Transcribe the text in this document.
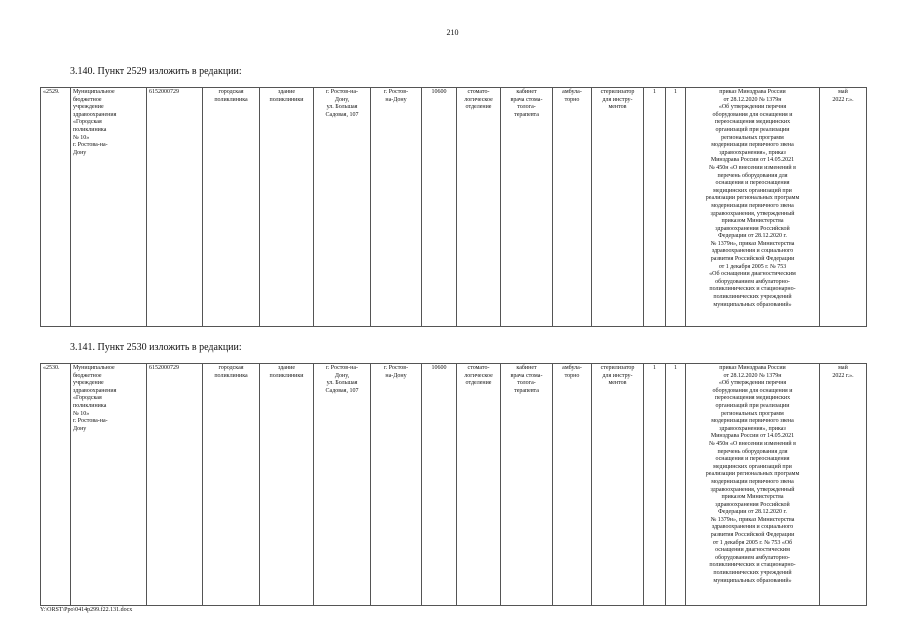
210
3.140. Пункт 2529 изложить в редакции:
«2529.	Муниципальное
бюджетное
учреждение
здравоохранения
«Городская
поликлиника
№ 10»
г. Ростова-на-
Дону	6152000729	городская
поликлиника	здание
поликлиники	г. Ростов-на-
Дону,
ул. Большая
Садовая, 107	г. Ростов-
на-Дону	10600	стомато-
логическое
отделение	кабинет
врача стома-
толога-
терапевта	амбула-
торно	стерилизатор
для инстру-
ментов	1	1	приказ Минздрава России
от 28.12.2020 № 1379н
«Об утверждении перечня
оборудования для оснащения и
переоснащения медицинских
организаций при реализации
региональных программ
модернизации первичного звена
здравоохранения», приказ
Минздрава России от 14.05.2021
№ 450н «О внесении изменений в
перечень оборудования для
оснащения и переоснащения
медицинских организаций при
реализации региональных программ
модернизации первичного звена
здравоохранения, утвержденный
приказом Министерства
здравоохранения Российской
Федерации от 28.12.2020 г.
№ 1379н», приказ Министерства
здравоохранения и социального
развития Российской Федерации
от 1 декабря 2005 г. № 753
«Об оснащении диагностическим
оборудованием амбулаторно-
поликлинических и стационарно-
поликлинических учреждений
муниципальных образований»	май
2022 г.».
3.141. Пункт 2530 изложить в редакции:
«2530.	Муниципальное
бюджетное
учреждение
здравоохранения
«Городская
поликлиника
№ 10»
г. Ростова-на-
Дону	6152000729	городская
поликлиника	здание
поликлиники	г. Ростов-на-
Дону,
ул. Большая
Садовая, 107	г. Ростов-
на-Дону	10600	стомато-
логическое
отделение	кабинет
врача стома-
толога-
терапевта	амбула-
торно	стерилизатор
для инстру-
ментов	1	1	приказ Минздрава России
от 28.12.2020 № 1379н
«Об утверждении перечня
оборудования для оснащения и
переоснащения медицинских
организаций при реализации
региональных программ
модернизации первичного звена
здравоохранения», приказ
Минздрава России от 14.05.2021
№ 450н «О внесении изменений в
перечень оборудования для
оснащения и переоснащения
медицинских организаций при
реализации региональных программ
модернизации первичного звена
здравоохранения, утвержденный
приказом Министерства
здравоохранения Российской
Федерации от 28.12.2020 г.
№ 1379н», приказ Министерства
здравоохранения и социального
развития Российской Федерации
от 1 декабря 2005 г. № 753 «Об
оснащении диагностическим
оборудованием амбулаторно-
поликлинических и стационарно-
поликлинических учреждений
муниципальных образований»	май
2022 г.».
Y:\ORST\Ppo\0414p299.f22.131.docx
